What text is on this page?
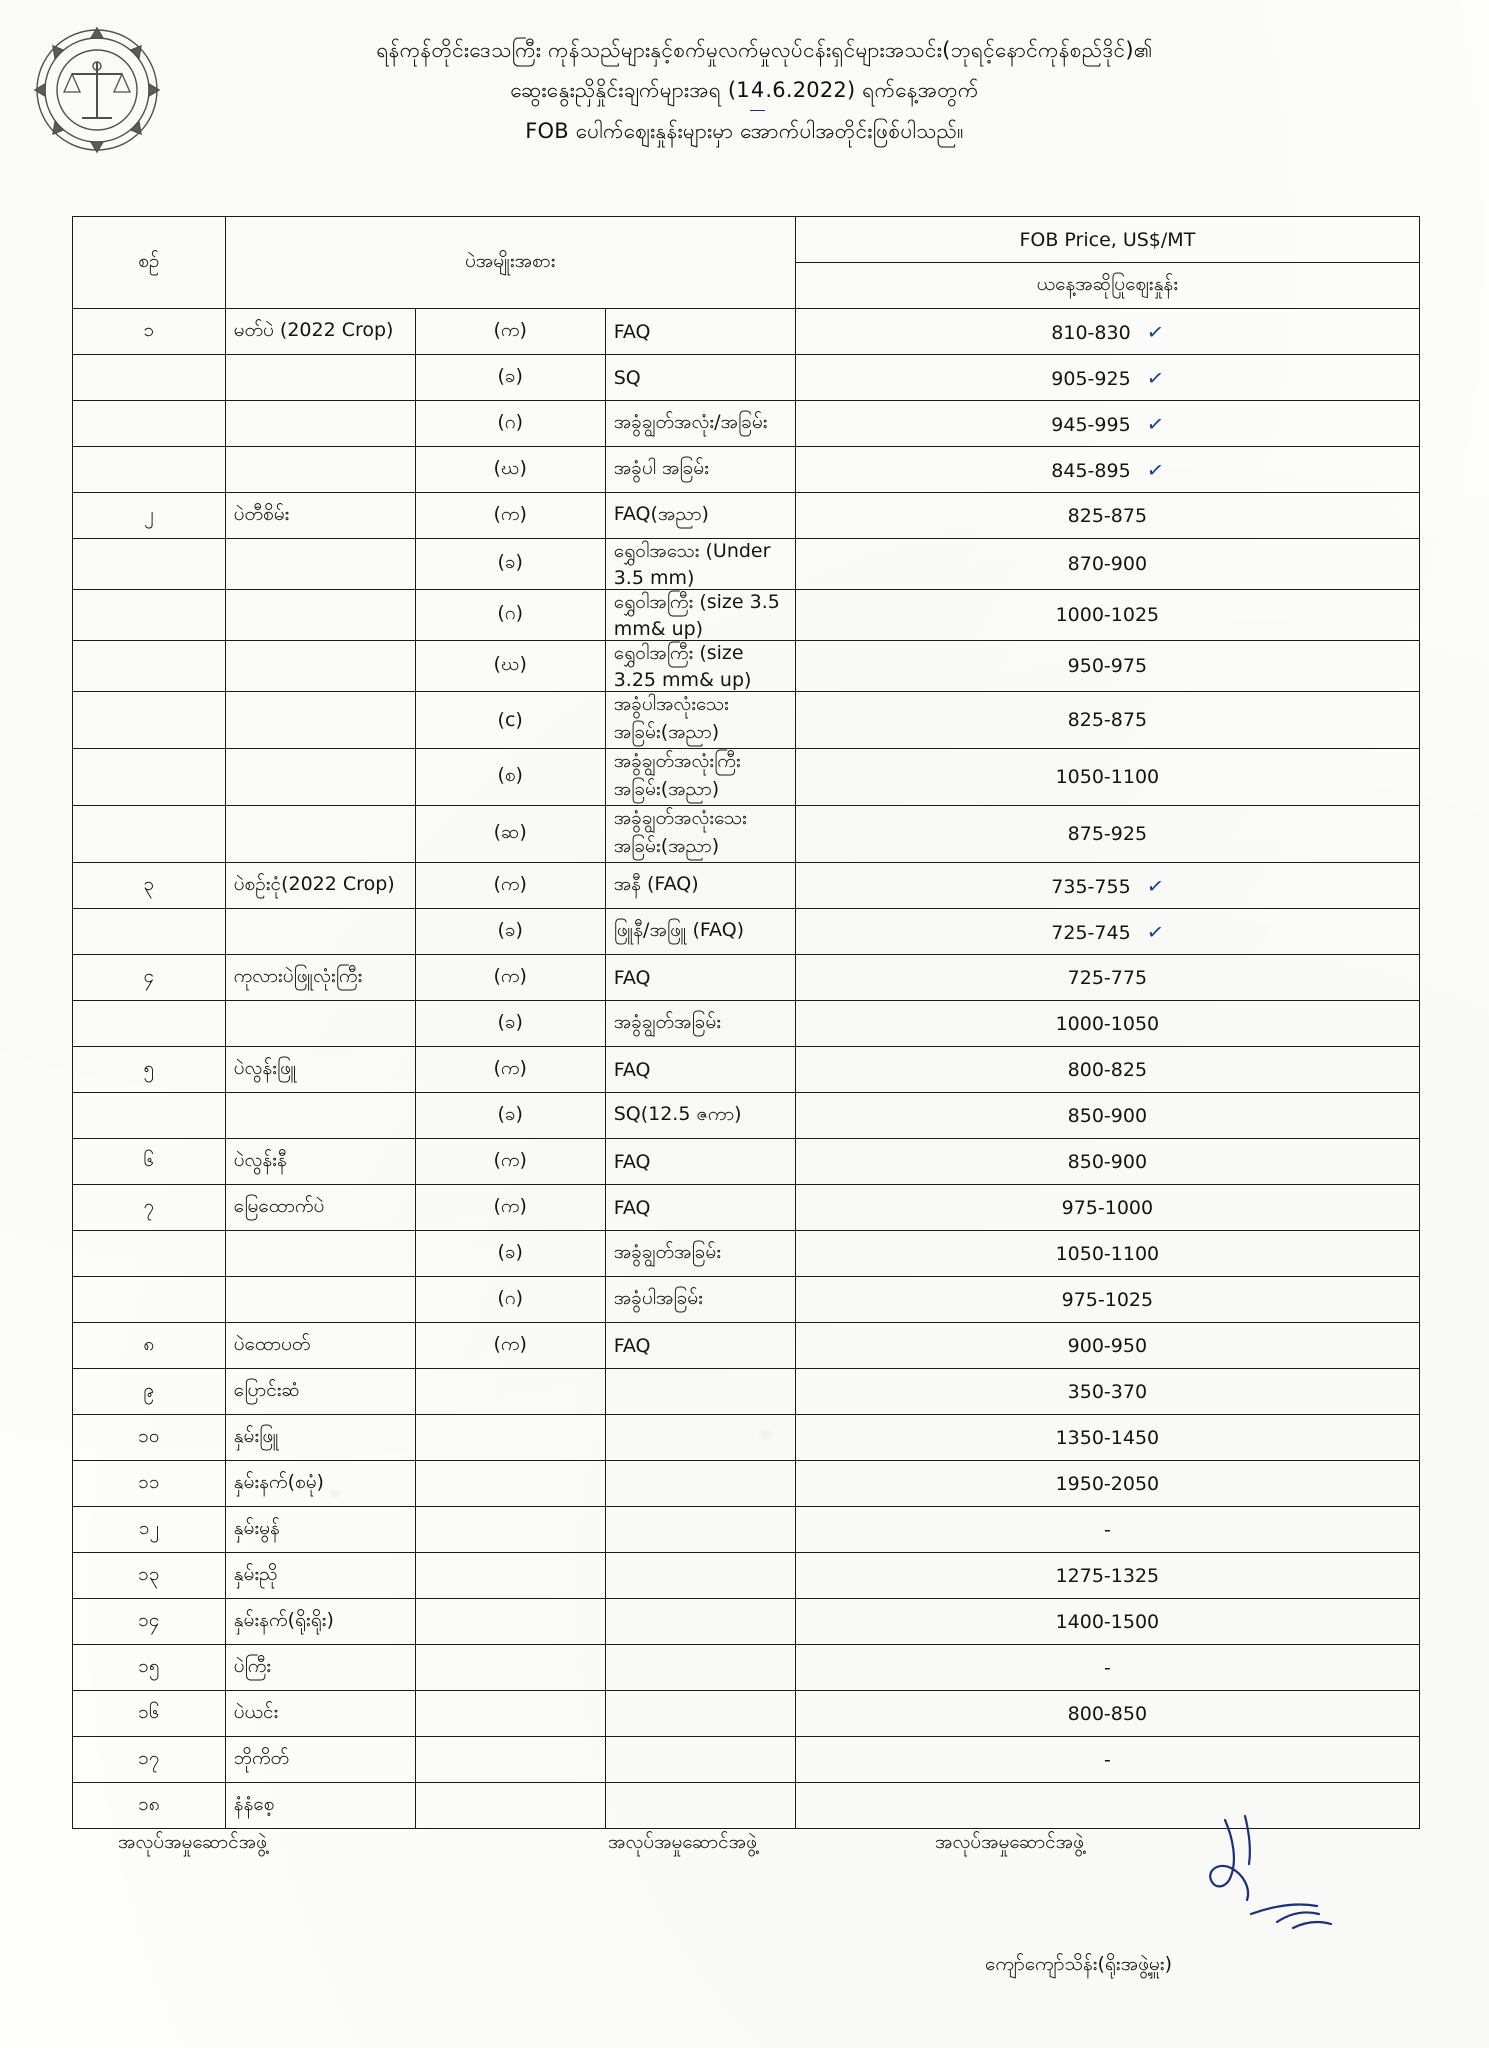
ရန်ကုန်တိုင်းဒေသကြီး ကုန်သည်များနှင့်စက်မှုလက်မှုလုပ်ငန်းရှင်များအသင်း(ဘုရင့်နောင်ကုန်စည်ဒိုင်)၏
ဆွေးနွေးညှိနှိုင်းချက်များအရ (14.6.2022) ရက်နေ့အတွက်
FOB ပေါက်ဈေးနှုန်းများမှာ အောက်ပါအတိုင်းဖြစ်ပါသည်။
စဉ်	ပဲအမျိုးအစား			FOB Price, US$/MT
				ယနေ့အဆိုပြုဈေးနှုန်း
၁	မတ်ပဲ (2022 Crop)	(က)	FAQ	810-830 ✓
		(ခ)	SQ	905-925 ✓
		(ဂ)	အခွံချွတ်အလုံး/အခြမ်း	945-995 ✓
		(ဃ)	အခွံပါ အခြမ်း	845-895 ✓
၂	ပဲတီစိမ်း	(က)	FAQ(အညာ)	825-875
		(ခ)	ရွှေဝါအသေး (Under 3.5 mm)	870-900
		(ဂ)	ရွှေဝါအကြီး (size 3.5 mm& up)	1000-1025
		(ဃ)	ရွှေဝါအကြီး (size 3.25 mm& up)	950-975
		(c)	အခွံပါအလုံးသေးအခြမ်း(အညာ)	825-875
		(စ)	အခွံချွတ်အလုံးကြီးအခြမ်း(အညာ)	1050-1100
		(ဆ)	အခွံချွတ်အလုံးသေးအခြမ်း(အညာ)	875-925
၃	ပဲစဉ်းငုံ(2022 Crop)	(က)	အနီ (FAQ)	735-755 ✓
		(ခ)	ဖြူနီ/အဖြူ (FAQ)	725-745 ✓
၄	ကုလားပဲဖြူလုံးကြီး	(က)	FAQ	725-775
		(ခ)	အခွံချွတ်အခြမ်း	1000-1050
၅	ပဲလွန်းဖြူ	(က)	FAQ	800-825
		(ခ)	SQ(12.5 ဇကာ)	850-900
၆	ပဲလွန်းနီ	(က)	FAQ	850-900
၇	မြေထောက်ပဲ	(က)	FAQ	975-1000
		(ခ)	အခွံချွတ်အခြမ်း	1050-1100
		(ဂ)	အခွံပါအခြမ်း	975-1025
၈	ပဲထောပတ်	(က)	FAQ	900-950
၉	ပြောင်းဆံ			350-370
၁၀	နှမ်းဖြူ			1350-1450
၁၁	နှမ်းနက်(စမုံ)			1950-2050
၁၂	နှမ်းမွန်			-
၁၃	နှမ်းညို			1275-1325
၁၄	နှမ်းနက်(ရိုးရိုး)			1400-1500
၁၅	ပဲကြီး			-
၁၆	ပဲယင်း			800-850
၁၇	ဘိုကိတ်			-
၁၈	နံနံစေ့			
အလုပ်အမှုဆောင်အဖွဲ့	အလုပ်အမှုဆောင်အဖွဲ့	အလုပ်အမှုဆောင်အဖွဲ့
ကျော်ကျော်သိန်း(ရိုးအဖွဲ့မှူး)
